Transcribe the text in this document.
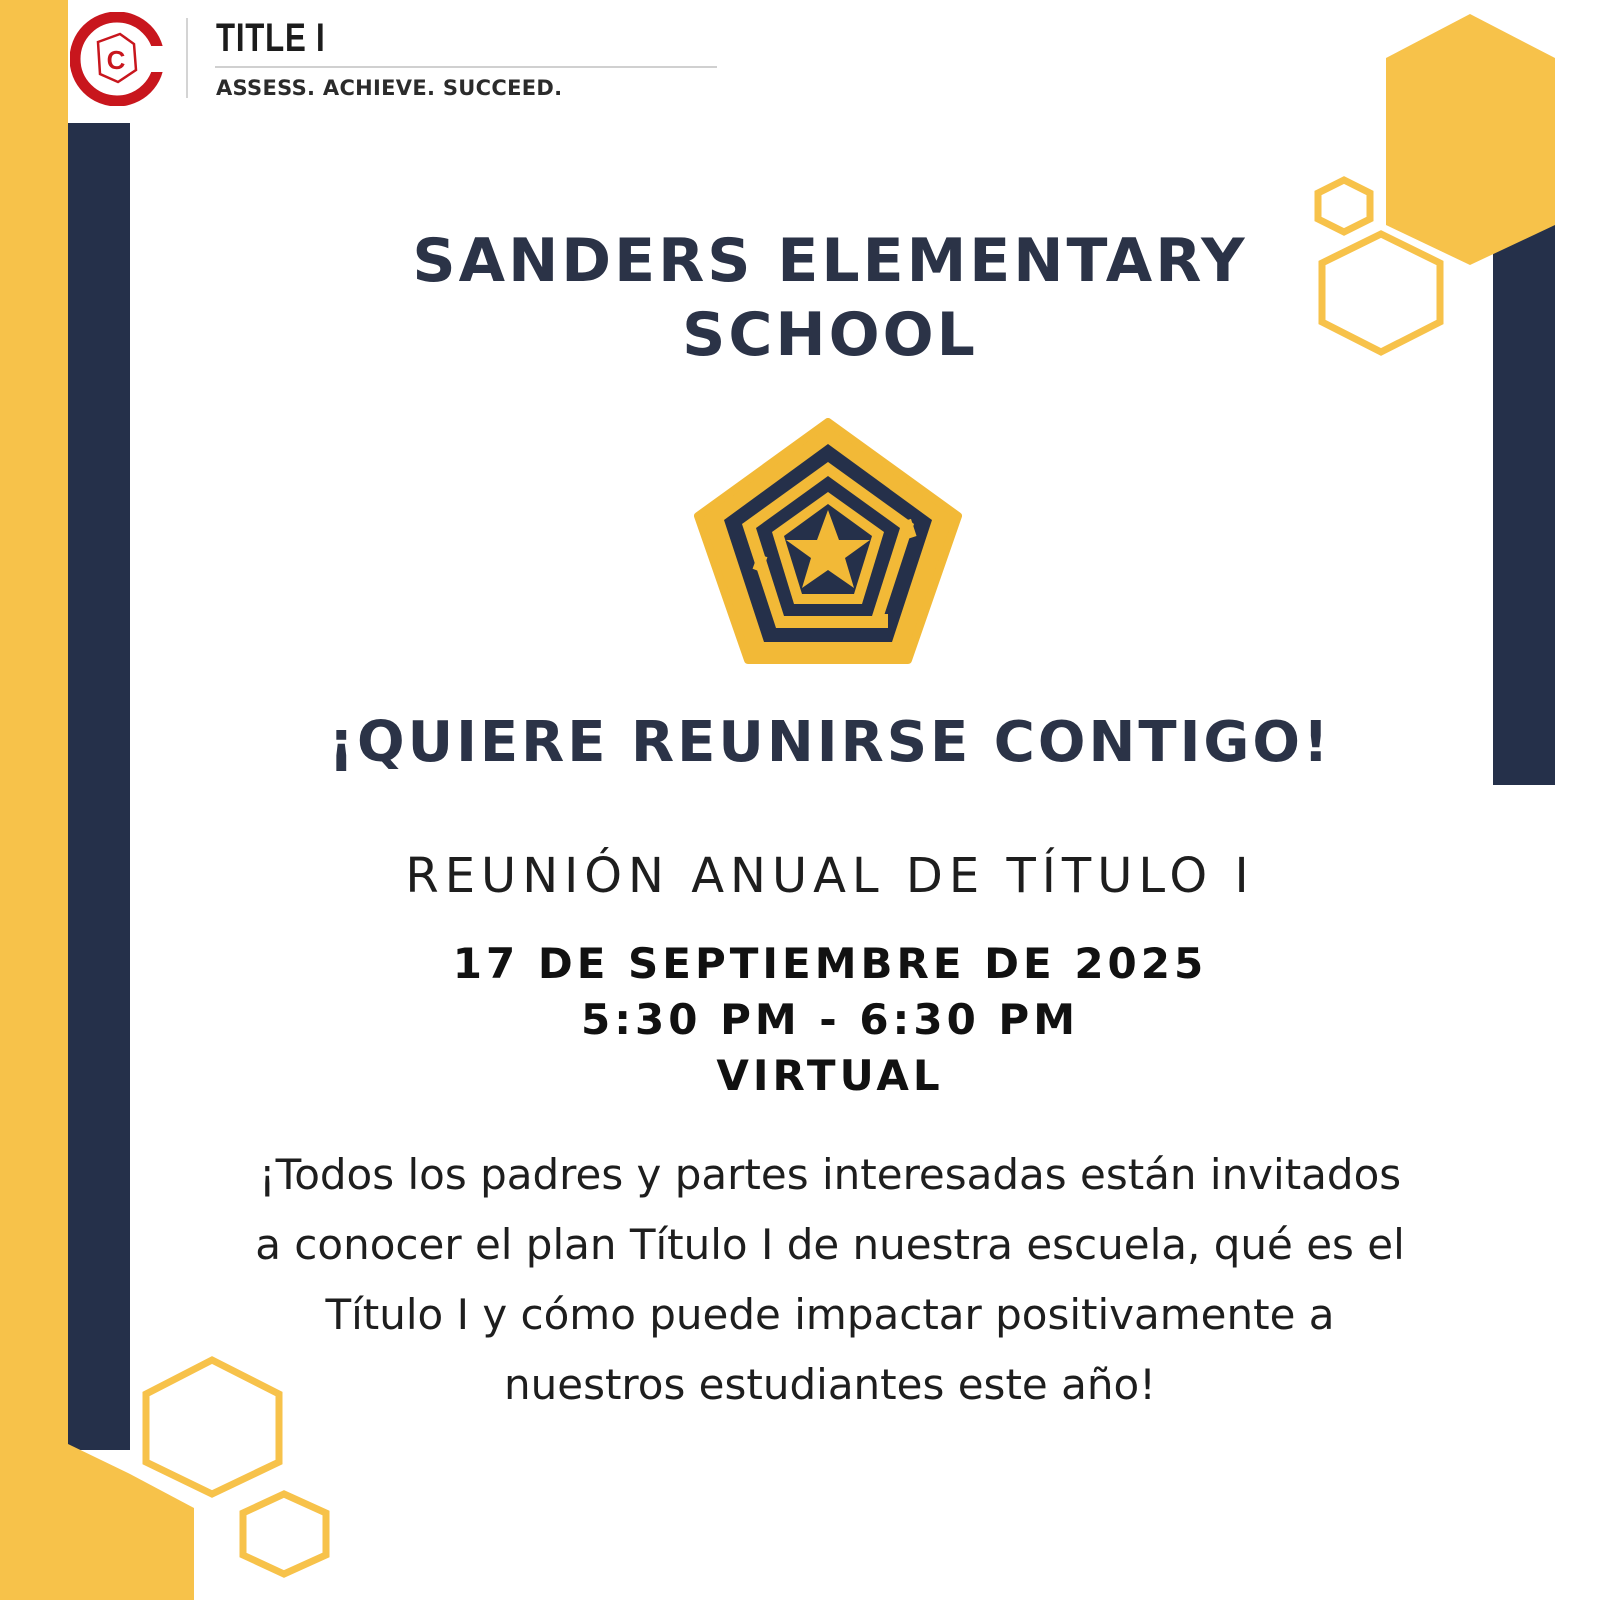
C TITLE I
ASSESS. ACHIEVE. SUCCEED.
SANDERS ELEMENTARY
SCHOOL
¡QUIERE REUNIRSE CONTIGO!
REUNIÓN ANUAL DE TÍTULO I
17 DE SEPTIEMBRE DE 2025
5:30 PM - 6:30 PM
VIRTUAL
¡Todos los padres y partes interesadas están invitados a conocer el plan Título I de nuestra escuela, qué es el Título I y cómo puede impactar positivamente a nuestros estudiantes este año!
